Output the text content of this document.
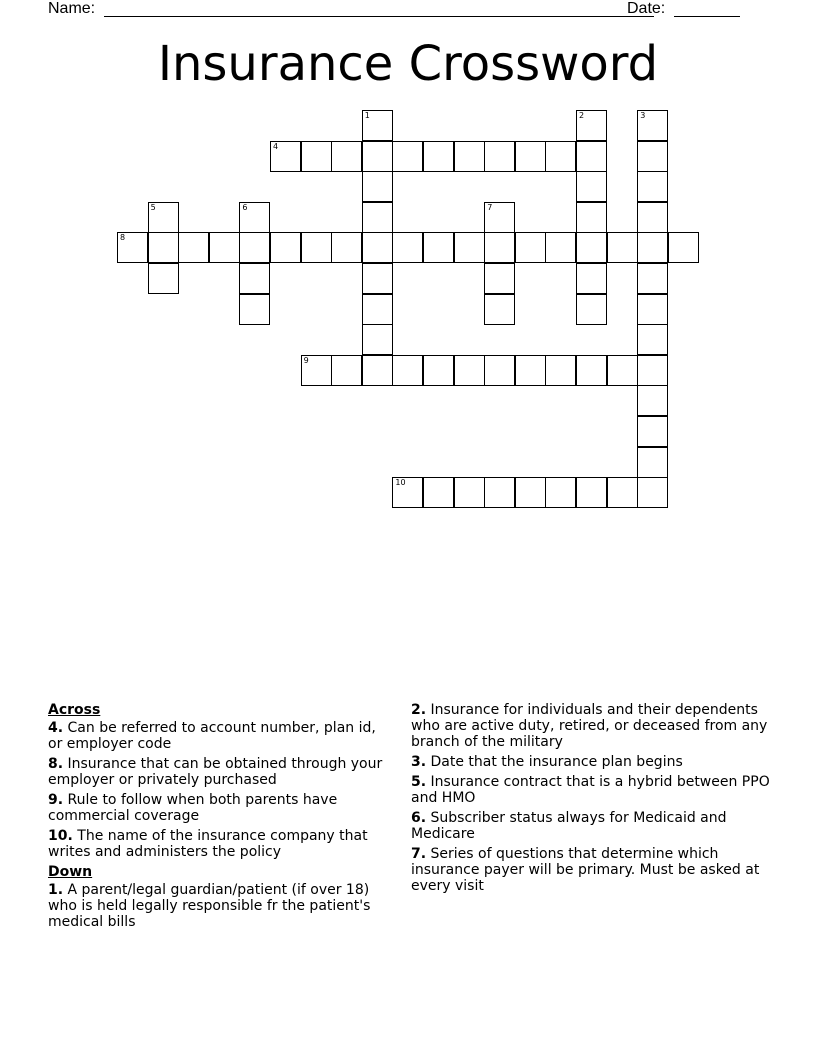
Name:	Date:
Insurance Crossword
1	2	3
4
5	6	7
8
9
10
Across
4. Can be referred to account number, plan id, or employer code
8. Insurance that can be obtained through your employer or privately purchased
9. Rule to follow when both parents have commercial coverage
10. The name of the insurance company that writes and administers the policy
Down
1. A parent/legal guardian/patient (if over 18) who is held legally responsible fr the patient's medical bills
2. Insurance for individuals and their dependents who are active duty, retired, or deceased from any branch of the military
3. Date that the insurance plan begins
5. Insurance contract that is a hybrid between PPO and HMO
6. Subscriber status always for Medicaid and Medicare
7. Series of questions that determine which insurance payer will be primary. Must be asked at every visit
